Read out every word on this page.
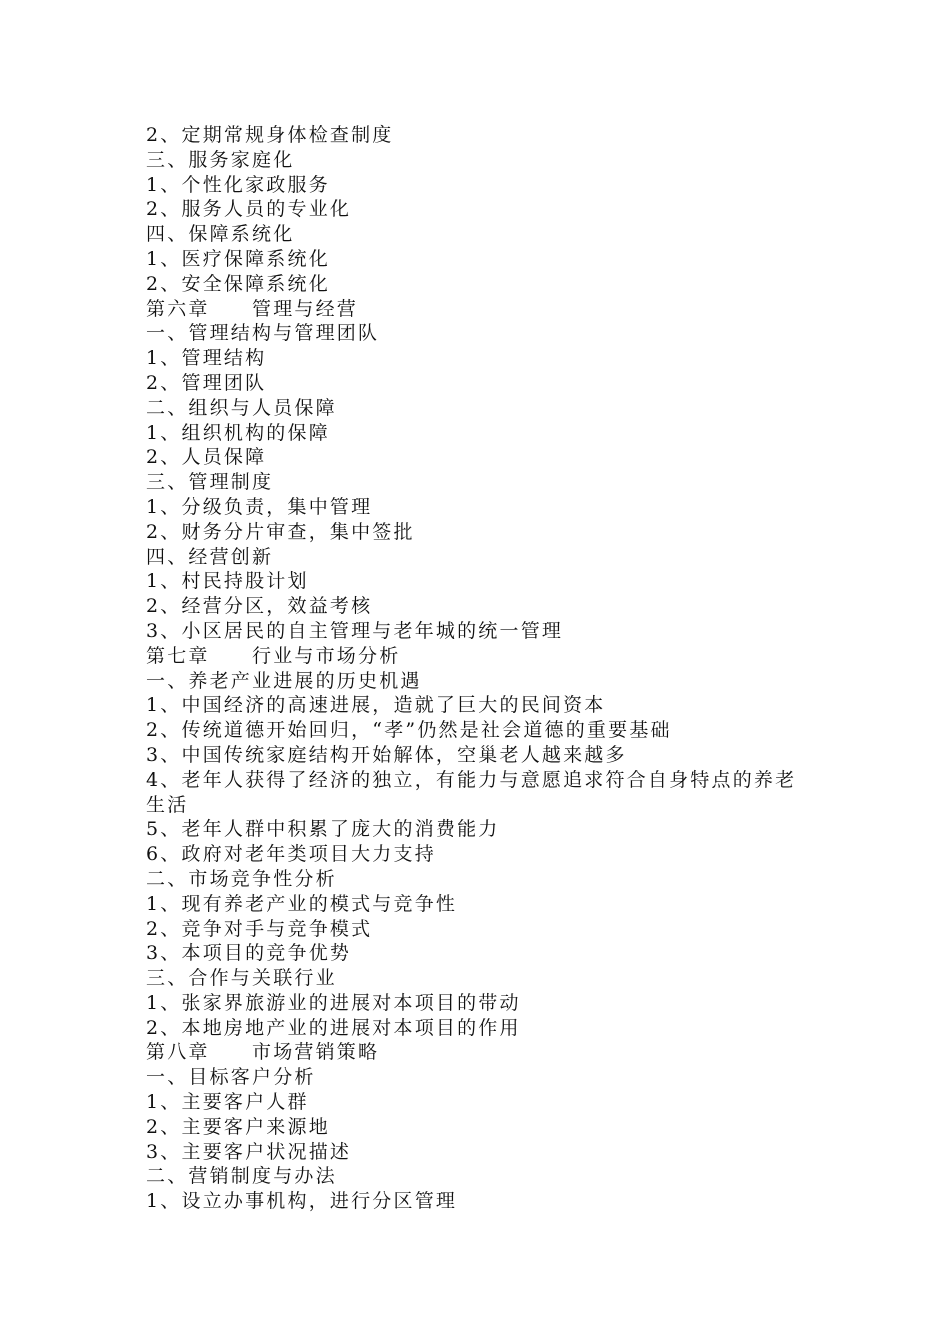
2、定期常规身体检查制度
三、服务家庭化
1、个性化家政服务
2、服务人员的专业化
四、保障系统化
1、医疗保障系统化
2、安全保障系统化
第六章　　管理与经营
一、管理结构与管理团队
1、管理结构
2、管理团队
二、组织与人员保障
1、组织机构的保障
2、人员保障
三、管理制度
1、分级负责，集中管理
2、财务分片审查，集中签批
四、经营创新
1、村民持股计划
2、经营分区，效益考核
3、小区居民的自主管理与老年城的统一管理
第七章　　行业与市场分析
一、养老产业进展的历史机遇
1、中国经济的高速进展，造就了巨大的民间资本
2、传统道德开始回归，“孝”仍然是社会道德的重要基础
3、中国传统家庭结构开始解体，空巢老人越来越多
4、老年人获得了经济的独立，有能力与意愿追求符合自身特点的养老生活
5、老年人群中积累了庞大的消费能力
6、政府对老年类项目大力支持
二、市场竞争性分析
1、现有养老产业的模式与竞争性
2、竞争对手与竞争模式
3、本项目的竞争优势
三、合作与关联行业
1、张家界旅游业的进展对本项目的带动
2、本地房地产业的进展对本项目的作用
第八章　　市场营销策略
一、目标客户分析
1、主要客户人群
2、主要客户来源地
3、主要客户状况描述
二、营销制度与办法
1、设立办事机构，进行分区管理
